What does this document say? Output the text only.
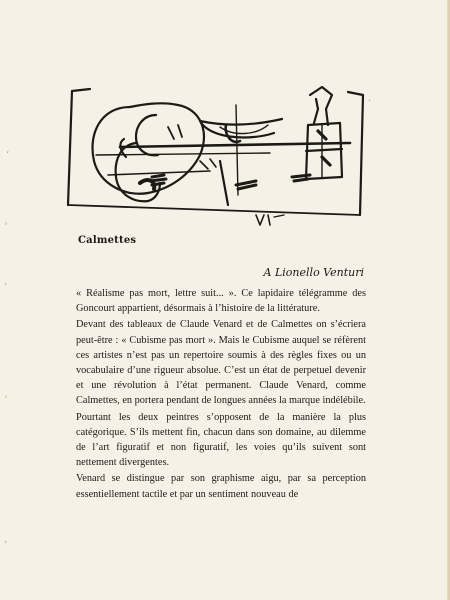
ʻ
ʼ
ʻ
ʼ
ʻ
·
Calmettes
A Lionello Venturi

« Réalisme pas mort, lettre suit... ». Ce lapidaire télégramme des Goncourt appartient, désormais à l’histoire de la littérature.

Devant des tableaux de Claude Venard et de Calmettes on s’écriera peut-être : « Cubisme pas mort ». Mais le Cubisme auquel se réfèrent ces artistes n’est pas un repertoire soumis à des règles fixes ou un vocabulaire d’une rigueur absolue. C’est un état de perpetuel devenir et une révolution à l’état permanent. Claude Venard, comme Calmettes, en portera pendant de longues années la marque indélébile.

Pourtant les deux peintres s’opposent de la manière la plus catégorique. S’ils mettent fin, chacun dans son domaine, au dilemme de l’art figuratif et non figuratif, les voies qu’ils suivent sont nettement divergentes.

Venard se distingue par son graphisme aigu, par sa perception essentiellement tactile et par un sentiment nouveau de
